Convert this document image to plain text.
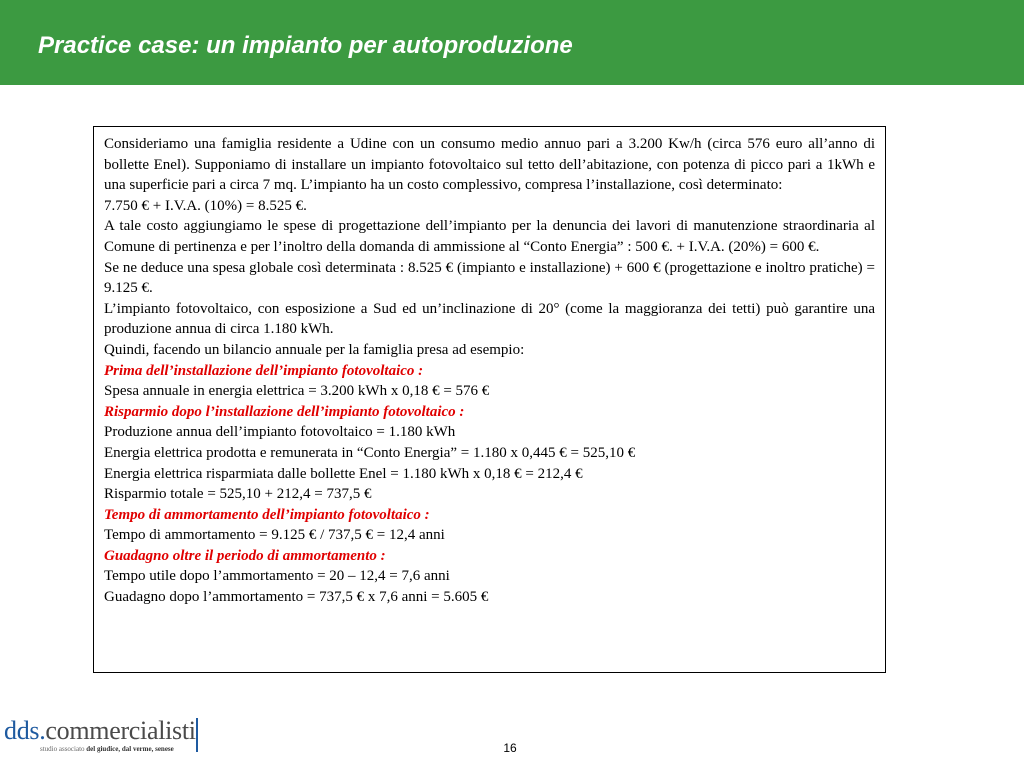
Practice case: un impianto per autoproduzione

Consideriamo una famiglia residente a Udine con un consumo medio annuo pari a 3.200 Kw/h (circa 576 euro all’anno di bollette Enel). Supponiamo di installare un impianto fotovoltaico sul tetto dell’abitazione, con potenza di picco pari a 1kWh e una superficie pari a circa 7 mq. L’impianto ha un costo complessivo, compresa l’installazione, così determinato:

7.750 € + I.V.A. (10%) = 8.525 €.

A tale costo aggiungiamo le spese di progettazione dell’impianto per la denuncia dei lavori di manutenzione straordinaria al Comune di pertinenza e per l’inoltro della domanda di ammissione al “Conto Energia” : 500 €. + I.V.A. (20%) = 600 €.

Se ne deduce una spesa globale così determinata : 8.525 € (impianto e installazione) + 600 € (progettazione e inoltro pratiche) = 9.125 €.

L’impianto fotovoltaico, con esposizione a Sud ed un’inclinazione di 20° (come la maggioranza dei tetti) può garantire una produzione annua di circa 1.180 kWh.

Quindi, facendo un bilancio annuale per la famiglia presa ad esempio:

Prima dell’installazione dell’impianto fotovoltaico :

Spesa annuale in energia elettrica = 3.200 kWh x 0,18 € = 576 €

Risparmio dopo l’installazione dell’impianto fotovoltaico :

Produzione annua dell’impianto fotovoltaico = 1.180 kWh

Energia elettrica prodotta e remunerata in “Conto Energia” = 1.180 x 0,445 € = 525,10 €

Energia elettrica risparmiata dalle bollette Enel = 1.180 kWh x 0,18 € = 212,4 €

Risparmio totale = 525,10 + 212,4 = 737,5 €

Tempo di ammortamento dell’impianto fotovoltaico :

Tempo di ammortamento = 9.125 € / 737,5 € = 12,4 anni

Guadagno oltre il periodo di ammortamento :

Tempo utile dopo l’ammortamento = 20 – 12,4 = 7,6 anni

Guadagno dopo l’ammortamento = 737,5 € x 7,6 anni = 5.605 €

dds.commercialisti
studio associato del giudice, dal verme, senese	16
